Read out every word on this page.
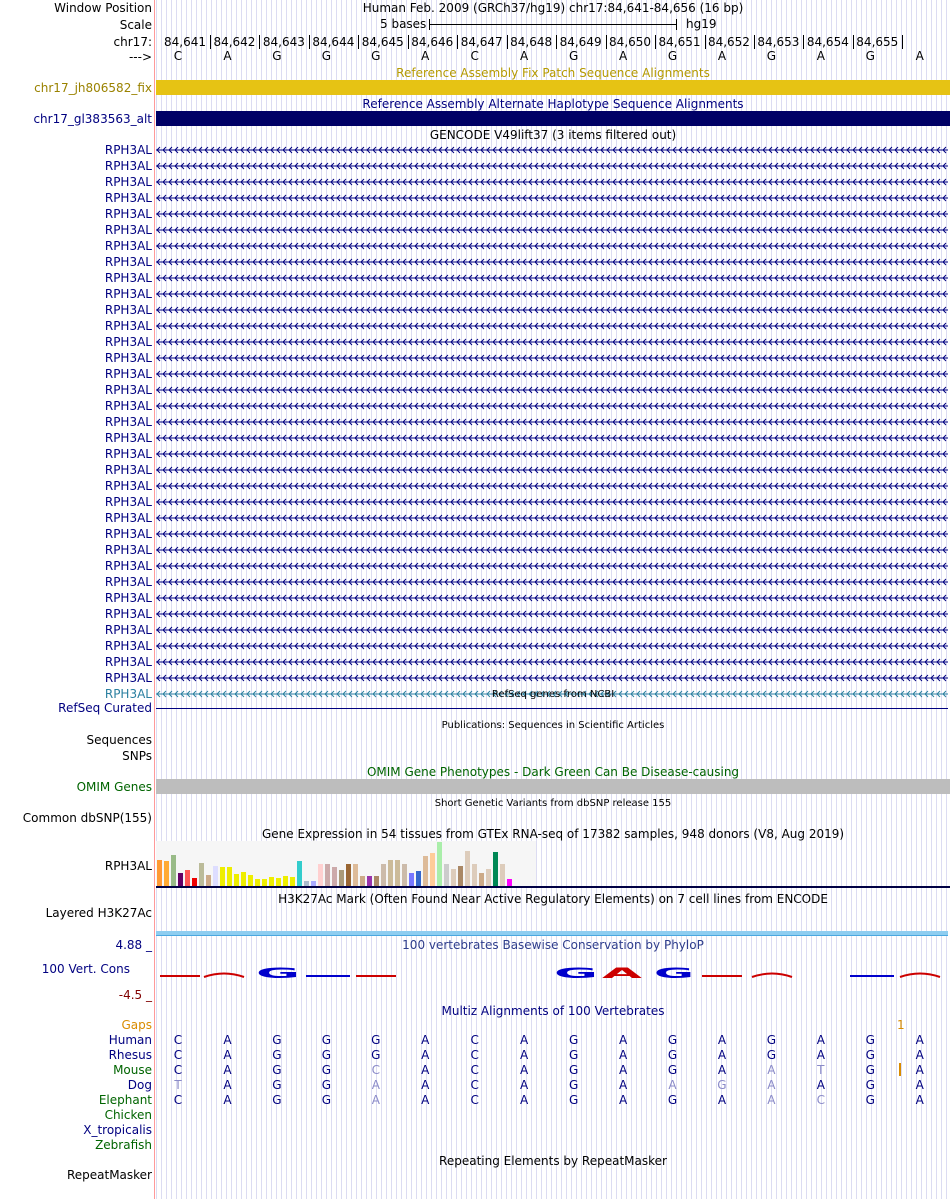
Window Position	Human Feb. 2009 (GRCh37/hg19) chr17:84,641-84,656 (16 bp)
Scale	5 bases	hg19
chr17: 84,641 84,642 84,643 84,644 84,645 84,646 84,647 84,648 84,649 84,650 84,651 84,652 84,653 84,654 84,655
--->	C	A	G	G	G	A	C	A	G	A	G	A	G	A	G	A
Reference Assembly Fix Patch Sequence Alignments
chr17_jh806582_fix
Reference Assembly Alternate Haplotype Sequence Alignments
chr17_gl383563_alt
GENCODE V49lift37 (3 items filtered out)
RPH3AL
RPH3AL
RPH3AL
RPH3AL
RPH3AL
RPH3AL
RPH3AL
RPH3AL
RPH3AL
RPH3AL
RPH3AL
RPH3AL
RPH3AL
RPH3AL
RPH3AL
RPH3AL
RPH3AL
RPH3AL
RPH3AL
RPH3AL
RPH3AL
RPH3AL
RPH3AL
RPH3AL
RPH3AL
RPH3AL
RPH3AL
RPH3AL
RPH3AL
RPH3AL
RPH3AL
RPH3AL
RPH3AL
RPH3AL
RPH3AL	RefSeq genes from NCBI
RefSeq Curated
Publications: Sequences in Scientific Articles
Sequences
SNPs
OMIM Gene Phenotypes - Dark Green Can Be Disease-causing
OMIM Genes
Short Genetic Variants from dbSNP release 155
Common dbSNP(155)
Gene Expression in 54 tissues from GTEx RNA-seq of 17382 samples, 948 donors (V8, Aug 2019)
RPH3AL
H3K27Ac Mark (Often Found Near Active Regulatory Elements) on 7 cell lines from ENCODE
Layered H3K27Ac
100 vertebrates Basewise Conservation by PhyloP
4.88 _
100 Vert. Cons
-4.5 _
G	G A G
Multiz Alignments of 100 Vertebrates
Gaps	1
Human	C	A	G	G	G	A	C	A	G	A	G	A	G	A	G	A
Rhesus	C	A	G	G	G	A	C	A	G	A	G	A	G	A	G	A
Mouse	C	A	G	G	C	A	C	A	G	A	G	A	A	T	G	A
Dog	T	A	G	G	A	A	C	A	G	A	A	G	A	A	G	A
Elephant	C	A	G	G	A	A	C	A	G	A	G	A	A	C	G	A
Chicken
X_tropicalis
Zebrafish
Repeating Elements by RepeatMasker
RepeatMasker
